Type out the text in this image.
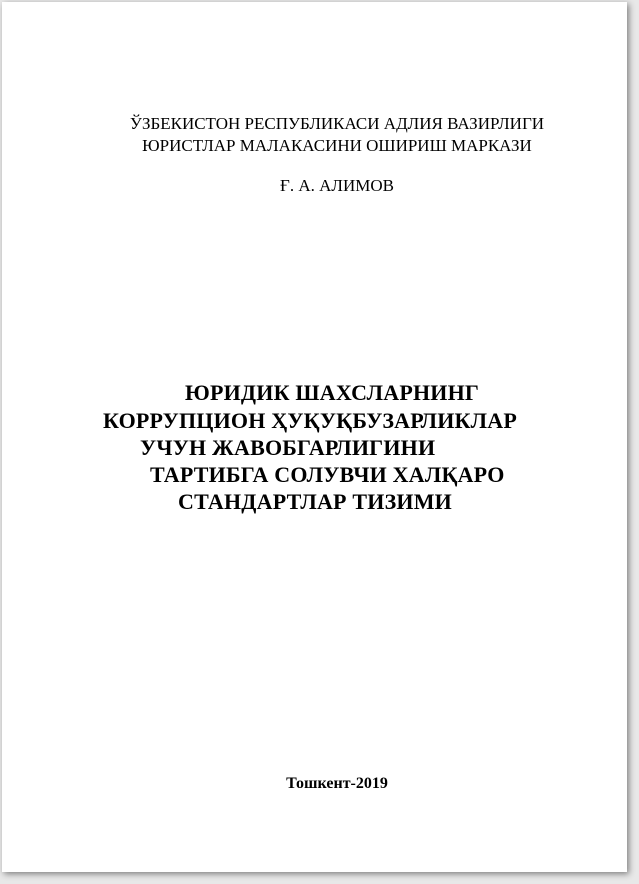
ЎЗБЕКИСТОН РЕСПУБЛИКАСИ АДЛИЯ ВАЗИРЛИГИ
ЮРИСТЛАР МАЛАКАСИНИ ОШИРИШ МАРКАЗИ
Ғ. А. АЛИМОВ
ЮРИДИК ШАХСЛАРНИНГ
КОРРУПЦИОН ҲУҚУҚБУЗАРЛИКЛАР
УЧУН ЖАВОБГАРЛИГИНИ
ТАРТИБГА СОЛУВЧИ ХАЛҚАРО
СТАНДАРТЛАР ТИЗИМИ
Тошкент-2019
